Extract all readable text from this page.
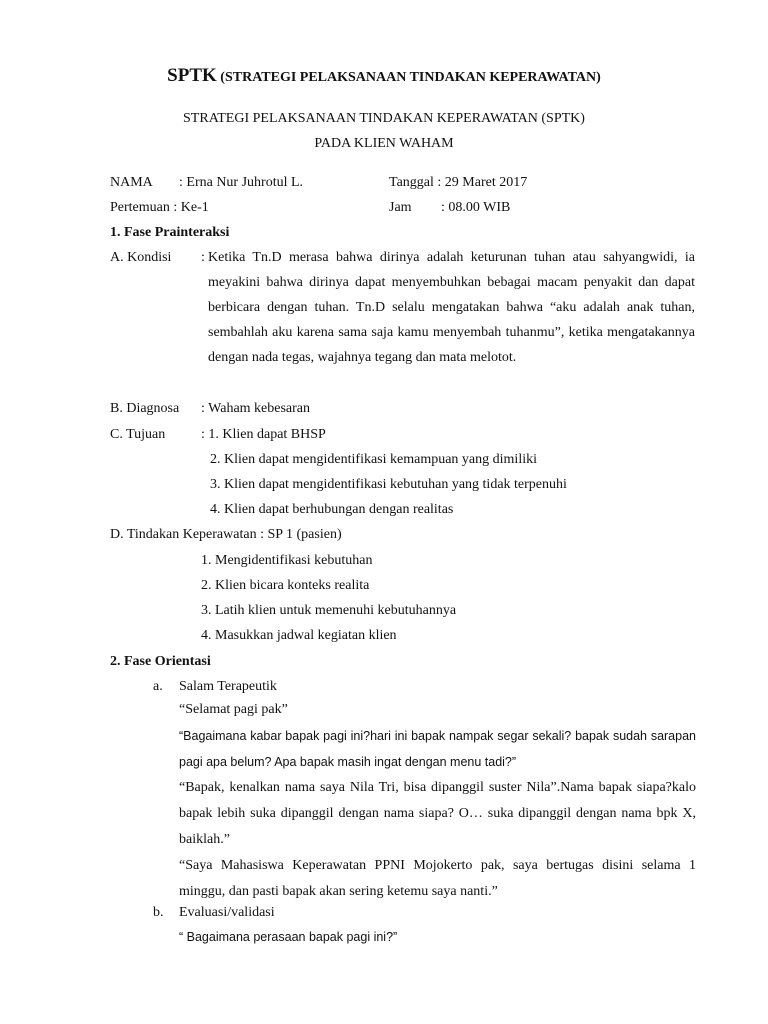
SPTK (STRATEGI PELAKSANAAN TINDAKAN KEPERAWATAN)
STRATEGI PELAKSANAAN TINDAKAN KEPERAWATAN (SPTK)
PADA KLIEN WAHAM
NAMA : Erna Nur Juhrotul L.	Tanggal : 29 Maret 2017
Pertemuan : Ke-1	Jam : 08.00 WIB
1. Fase Prainteraksi
A. Kondisi : Ketika Tn.D merasa bahwa dirinya adalah keturunan tuhan atau sahyangwidi, ia meyakini bahwa dirinya dapat menyembuhkan bebagai macam penyakit dan dapat berbicara dengan tuhan. Tn.D selalu mengatakan bahwa “aku adalah anak tuhan, sembahlah aku karena sama saja kamu menyembah tuhanmu”, ketika mengatakannya dengan nada tegas, wajahnya tegang dan mata melotot.
B. Diagnosa : Waham kebesaran
C. Tujuan	: 1. Klien dapat BHSP
2. Klien dapat mengidentifikasi kemampuan yang dimiliki
3. Klien dapat mengidentifikasi kebutuhan yang tidak terpenuhi
4. Klien dapat berhubungan dengan realitas
D. Tindakan Keperawatan : SP 1 (pasien)
1. Mengidentifikasi kebutuhan
2. Klien bicara konteks realita
3. Latih klien untuk memenuhi kebutuhannya
4. Masukkan jadwal kegiatan klien
2. Fase Orientasi
a. Salam Terapeutik

“Selamat pagi pak”

“Bagaimana kabar bapak pagi ini?hari ini bapak nampak segar sekali? bapak sudah sarapan pagi apa belum? Apa bapak masih ingat dengan menu tadi?”

“Bapak, kenalkan nama saya Nila Tri, bisa dipanggil suster Nila”.Nama bapak siapa?kalo bapak lebih suka dipanggil dengan nama siapa? O… suka dipanggil dengan nama bpk X, baiklah.”

“Saya Mahasiswa Keperawatan PPNI Mojokerto pak, saya bertugas disini selama 1 minggu, dan pasti bapak akan sering ketemu saya nanti.”

b. Evaluasi/validasi
“ Bagaimana perasaan bapak pagi ini?”
